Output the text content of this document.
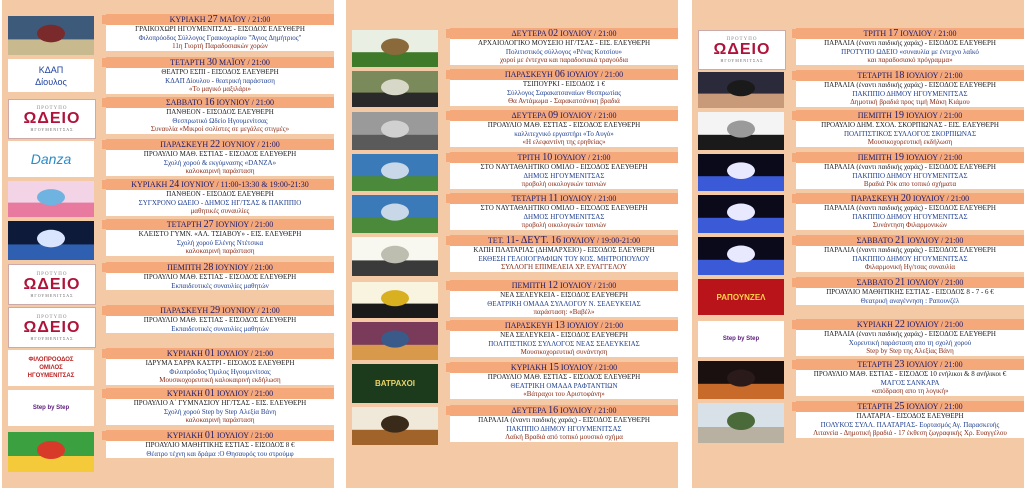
ΚΥΡΙΑΚΗ 27 ΜΑΪΟΥ / 21:00
ΓΡΑΙΚΟΧΩΡΙ ΗΓΟΥΜΕΝΙΤΣΑΣ - ΕΙΣΟΔΟΣ ΕΛΕΥΘΕΡΗ
Φιλοπρόοδος Σύλλογος Γραικοχωρίου "Άγιος Δημήτριος"
11η Γιορτή Παραδοσιακών χορών
ΚΔΑΠ
Δίουλος
ΤΕΤΑΡΤΗ 30 ΜΑΪΟΥ / 21:00
ΘΕΑΤΡΟ ΕΣΠΙ - ΕΙΣΟΔΟΣ ΕΛΕΥΘΕΡΗ
ΚΔΑΠ Δίουλου - θεατρική παράσταση
«Το μαγικό μαξιλάρι»
ΠΡΟΤΥΠΟ
ΩΔΕΙΟ
ΗΓΟΥΜΕΝΙΤΣΑΣ
ΣΑΒΒΑΤΟ 16 ΙΟΥΝΙΟΥ / 21:00
ΠΑΝΘΕΟΝ - ΕΙΣΟΔΟΣ ΕΛΕΥΘΕΡΗ
Θεσπρωτικό Ωδείο Ηγουμενίτσας
Συναυλία «Μικροί σολίστες σε μεγάλες στιγμές»
Danza
ΠΑΡΑΣΚΕΥΗ 22 ΙΟΥΝΙΟΥ / 21:00
ΠΡΟΑΥΛΙΟ ΜΑΘ. ΕΣΤΙΑΣ - ΕΙΣΟΔΟΣ ΕΛΕΥΘΕΡΗ
Σχολή χορού & εκγύμνασης «DANZA»
καλοκαιρινή παράσταση
ΚΥΡΙΑΚΗ 24 ΙΟΥΝΙΟΥ / 11:00-13:30 & 19:00-21:30
ΠΑΝΘΕΟΝ - ΕΙΣΟΔΟΣ ΕΛΕΥΘΕΡΗ
ΣΥΓΧΡΟΝΟ ΩΔΕΙΟ - ΔΗΜΟΣ ΗΓ/ΤΣΑΣ & ΠΑΚΠΠΙΟ
μαθητικές συναυλίες
ΤΕΤΑΡΤΗ 27 ΙΟΥΝΙΟΥ / 21:00
ΚΛΕΙΣΤΟ ΓΥΜΝ. «ΑΛ. ΤΣΙΑΒΟΥ» - ΕΙΣ. ΕΛΕΥΘΕΡΗ
Σχολή χορού Ελένης Ντέτσικα
καλοκαιρινή παράσταση
ΠΡΟΤΥΠΟ
ΩΔΕΙΟ
ΗΓΟΥΜΕΝΙΤΣΑΣ
ΠΕΜΠΤΗ 28 ΙΟΥΝΙΟΥ / 21:00
ΠΡΟΑΥΛΙΟ ΜΑΘ. ΕΣΤΙΑΣ - ΕΙΣΟΔΟΣ ΕΛΕΥΘΕΡΗ
Εκπαιδευτικές συναυλίες μαθητών
ΠΡΟΤΥΠΟ
ΩΔΕΙΟ
ΗΓΟΥΜΕΝΙΤΣΑΣ
ΠΑΡΑΣΚΕΥΗ 29 ΙΟΥΝΙΟΥ / 21:00
ΠΡΟΑΥΛΙΟ ΜΑΘ. ΕΣΤΙΑΣ - ΕΙΣΟΔΟΣ ΕΛΕΥΘΕΡΗ
Εκπαιδευτικές συναυλίες μαθητών
ΦΙΛΟΠΡΟΟΔΟΣ
ΟΜΙΛΟΣ
ΗΓΟΥΜΕΝΙΤΣΑΣ
ΚΥΡΙΑΚΗ 01 ΙΟΥΛΙΟΥ / 21:00
ΙΔΡΥΜΑ ΣΑΡΡΑ ΚΑΣΤΡΙ - ΕΙΣΟΔΟΣ ΕΛΕΥΘΕΡΗ
Φιλοπρόοδος Όμιλος Ηγουμενίτσας
Μουσικοχορευτική καλοκαιρινή εκδήλωση
Step by Step
ΚΥΡΙΑΚΗ 01 ΙΟΥΛΙΟΥ / 21:00
ΠΡΟΑΥΛΙΟ Α΄ ΓΥΜΝΑΣΙΟΥ ΗΓ/ΤΣΑΣ - ΕΙΣ. ΕΛΕΥΘΕΡΗ
Σχολή χορού Step by Step Αλεξία Βάνη
καλοκαιρινή παράσταση
ΚΥΡΙΑΚΗ 01 ΙΟΥΛΙΟΥ / 21:00
ΠΡΟΑΥΛΙΟ ΜΑΘΗΤΙΚΗΣ ΕΣΤΙΑΣ - ΕΙΣΟΔΟΣ 8 €
Θέατρο τέχνη και δράμα :Ο Θησαυρός του στρούμφ
ΔΕΥΤΕΡΑ 02 ΙΟΥΛΙΟΥ / 21:00
ΑΡΧΑΙΟΛΟΓΙΚΟ ΜΟΥΣΕΙΟ ΗΓ/ΤΣΑΣ - ΕΙΣ. ΕΛΕΥΘΕΡΗ
Πολιτιστικός σύλλογος «Ρένας Κοτσίου»
χοροί με έντεχνα και παραδοσιακά τραγούδια
ΠΑΡΑΣΚΕΥΗ 06 ΙΟΥΛΙΟΥ / 21:00
ΤΣΙΠΟΥΡΚΙ - ΕΙΣΟΔΟΣ 1 €
Σύλλογος Σαρακατσαναίων Θεσπρωτίας
Θα Αντάμωμα - Σαρακατσάνικη βραδιά
ΔΕΥΤΕΡΑ 09 ΙΟΥΛΙΟΥ / 21:00
ΠΡΟΑΥΛΙΟ ΜΑΘ. ΕΣΤΙΑΣ - ΕΙΣΟΔΟΣ ΕΛΕΥΘΕΡΗ
καλλιτεχνικό εργαστήρι «Το Αυγό»
«Η ελεφαντίνη της ερηθείας»
ΤΡΙΤΗ 10 ΙΟΥΛΙΟΥ / 21:00
ΣΤΟ ΝΑΥΤΑΘΛΗΤΙΚΟ ΟΜΙΛΟ - ΕΙΣΟΔΟΣ ΕΛΕΥΘΕΡΗ
ΔΗΜΟΣ ΗΓΟΥΜΕΝΙΤΣΑΣ
προβολή οικολογικών ταινιών
ΤΕΤΑΡΤΗ 11 ΙΟΥΛΙΟΥ / 21:00
ΣΤΟ ΝΑΥΤΑΘΛΗΤΙΚΟ ΟΜΙΛΟ - ΕΙΣΟΔΟΣ ΕΛΕΥΘΕΡΗ
ΔΗΜΟΣ ΗΓΟΥΜΕΝΙΤΣΑΣ
προβολή οικολογικών ταινιών
ΤΕΤ. 11- ΔΕΥΤ. 16 ΙΟΥΛΙΟΥ / 19:00-21:00
ΚΑΠΗ ΠΛΑΤΑΡΙΑΣ (ΔΗΜΑΡΧΕΙΟ) - ΕΙΣΟΔΟΣ ΕΛΕΥΘΕΡΗ
ΕΚΘΕΣΗ ΓΕΛΟΙΟΓΡΑΦΙΩΝ ΤΟΥ ΚΟΣ. ΜΗΤΡΟΠΟΥΛΟΥ
ΣΥΛΛΟΓΗ ΕΠΙΜΕΛΕΙΑ ΧΡ. ΕΥΑΓΓΕΛΟΥ
ΠΕΜΠΤΗ 12 ΙΟΥΛΙΟΥ / 21:00
ΝΕΑ ΣΕΛΕΥΚΕΙΑ - ΕΙΣΟΔΟΣ ΕΛΕΥΘΕΡΗ
ΘΕΑΤΡΙΚΗ ΟΜΑΔΑ ΣΥΛΛΟΓΟΥ Ν. ΣΕΛΕΥΚΕΙΑΣ
παράσταση: «Βαβέλ»
ΠΑΡΑΣΚΕΥΗ 13 ΙΟΥΛΙΟΥ / 21:00
ΝΕΑ ΣΕΛΕΥΚΕΙΑ - ΕΙΣΟΔΟΣ ΕΛΕΥΘΕΡΗ
ΠΟΛΙΤΙΣΤΙΚΟΣ ΣΥΛΛΟΓΟΣ ΝΕΑΣ ΣΕΛΕΥΚΕΙΑΣ
Μουσικοχορευτική συνάντηση
ΒΑΤΡΑΧΟΙ
ΚΥΡΙΑΚΗ 15 ΙΟΥΛΙΟΥ / 21:00
ΠΡΟΑΥΛΙΟ ΜΑΘ. ΕΣΤΙΑΣ - ΕΙΣΟΔΟΣ ΕΛΕΥΘΕΡΗ
ΘΕΑΤΡΙΚΗ ΟΜΑΔΑ ΡΑΦΤΑΝΤΙΩΝ
«Βάτραχοι του Αριστοφάνη»
ΔΕΥΤΕΡΑ 16 ΙΟΥΛΙΟΥ / 21:00
ΠΑΡΑΛΙΑ (έναντι παιδικής χαράς) - ΕΙΣΟΔΟΣ ΕΛΕΥΘΕΡΗ
ΠΑΚΠΠΙΟ ΔΗΜΟΥ ΗΓΟΥΜΕΝΙΤΣΑΣ
Λαϊκή Βραδιά από τοπικό μουσικό σχήμα
ΠΡΟΤΥΠΟ
ΩΔΕΙΟ
ΗΓΟΥΜΕΝΙΤΣΑΣ
ΤΡΙΤΗ 17 ΙΟΥΛΙΟΥ / 21:00
ΠΑΡΑΛΙΑ (έναντι παιδικής χαράς) - ΕΙΣΟΔΟΣ ΕΛΕΥΘΕΡΗ
ΠΡΟΤΥΠΟ ΩΔΕΙΟ «συναυλία με έντεχνο λαϊκό
και παραδοσιακό πρόγραμμα»
ΤΕΤΑΡΤΗ 18 ΙΟΥΛΙΟΥ / 21:00
ΠΑΡΑΛΙΑ (έναντι παιδικής χαράς) - ΕΙΣΟΔΟΣ ΕΛΕΥΘΕΡΗ
ΠΑΚΠΠΙΟ ΔΗΜΟΥ ΗΓΟΥΜΕΝΙΤΣΑΣ
Δημοτική βραδιά προς τιμή Μάκη Κιάμου
ΠΕΜΠΤΗ 19 ΙΟΥΛΙΟΥ / 21:00
ΠΡΟΑΥΛΙΟ ΔΗΜ. ΣΧΟΛ. ΣΚΟΡΠΙΩΝΑΣ - ΕΙΣ. ΕΛΕΥΘΕΡΗ
ΠΟΛΙΤΙΣΤΙΚΟΣ ΣΥΛΛΟΓΟΣ ΣΚΟΡΠΙΩΝΑΣ
Μουσικοχορευτική εκδήλωση
ΠΕΜΠΤΗ 19 ΙΟΥΛΙΟΥ / 21:00
ΠΑΡΑΛΙΑ (έναντι παιδικής χαράς) - ΕΙΣΟΔΟΣ ΕΛΕΥΘΕΡΗ
ΠΑΚΠΠΙΟ ΔΗΜΟΥ ΗΓΟΥΜΕΝΙΤΣΑΣ
Βραδιά Ρόκ απο τοπικό σχήματα
ΠΑΡΑΣΚΕΥΗ 20 ΙΟΥΛΙΟΥ / 21:00
ΠΑΡΑΛΙΑ (έναντι παιδικής χαράς) - ΕΙΣΟΔΟΣ ΕΛΕΥΘΕΡΗ
ΠΑΚΠΠΙΟ ΔΗΜΟΥ ΗΓΟΥΜΕΝΙΤΣΑΣ
Συνάντηση Φιλαρμονικών
ΣΑΒΒΑΤΟ 21 ΙΟΥΛΙΟΥ / 21:00
ΠΑΡΑΛΙΑ (έναντι παιδικής χαράς) - ΕΙΣΟΔΟΣ ΕΛΕΥΘΕΡΗ
ΠΑΚΠΠΙΟ ΔΗΜΟΥ ΗΓΟΥΜΕΝΙΤΣΑΣ
Φιλαρμονική Ηγ/τσας συναυλία
ΡΑΠΟΥΝΖΕΛ
ΣΑΒΒΑΤΟ 21 ΙΟΥΛΙΟΥ / 21:00
ΠΡΟΑΥΛΙΟ ΜΑΘΗΤΙΚΗΣ ΕΣΤΙΑΣ - ΕΙΣΟΔΟΣ 8 - 7 - 6 €
Θεατρική αναγέννηση : Ραπουνζέλ
Step by Step
ΚΥΡΙΑΚΗ 22 ΙΟΥΛΙΟΥ / 21:00
ΠΑΡΑΛΙΑ (έναντι παιδικής χαράς) - ΕΙΣΟΔΟΣ ΕΛΕΥΘΕΡΗ
Χορευτική παράσταση απο τη σχολή χορού
Step by Step της Αλεξίας Βάνη
ΤΕΤΑΡΤΗ 23 ΙΟΥΛΙΟΥ / 21:00
ΠΡΟΑΥΛΙΟ ΜΑΘ. ΕΣΤΙΑΣ - ΕΙΣΟΔΟΣ 10 ενήλικοι & 8 ανήλικοι €
ΜΑΓΟΣ ΣΑΝΚΑΡΑ
«απόδραση απο τη λογική»
ΤΕΤΑΡΤΗ 25 ΙΟΥΛΙΟΥ / 21:00
ΠΛΑΤΑΡΙΑ - ΕΙΣΟΔΟΣ ΕΛΕΥΘΕΡΗ
ΠΟΛΥΚΟΣ ΣΥΛΛ. ΠΛΑΤΑΡΙΑΣ- Εορτασμός Αγ. Παρασκευής
Λιτανεία - Δημοτική βραδιά - 17 έκθεση ζωγραφικής Χρ. Ευαγγέλου
